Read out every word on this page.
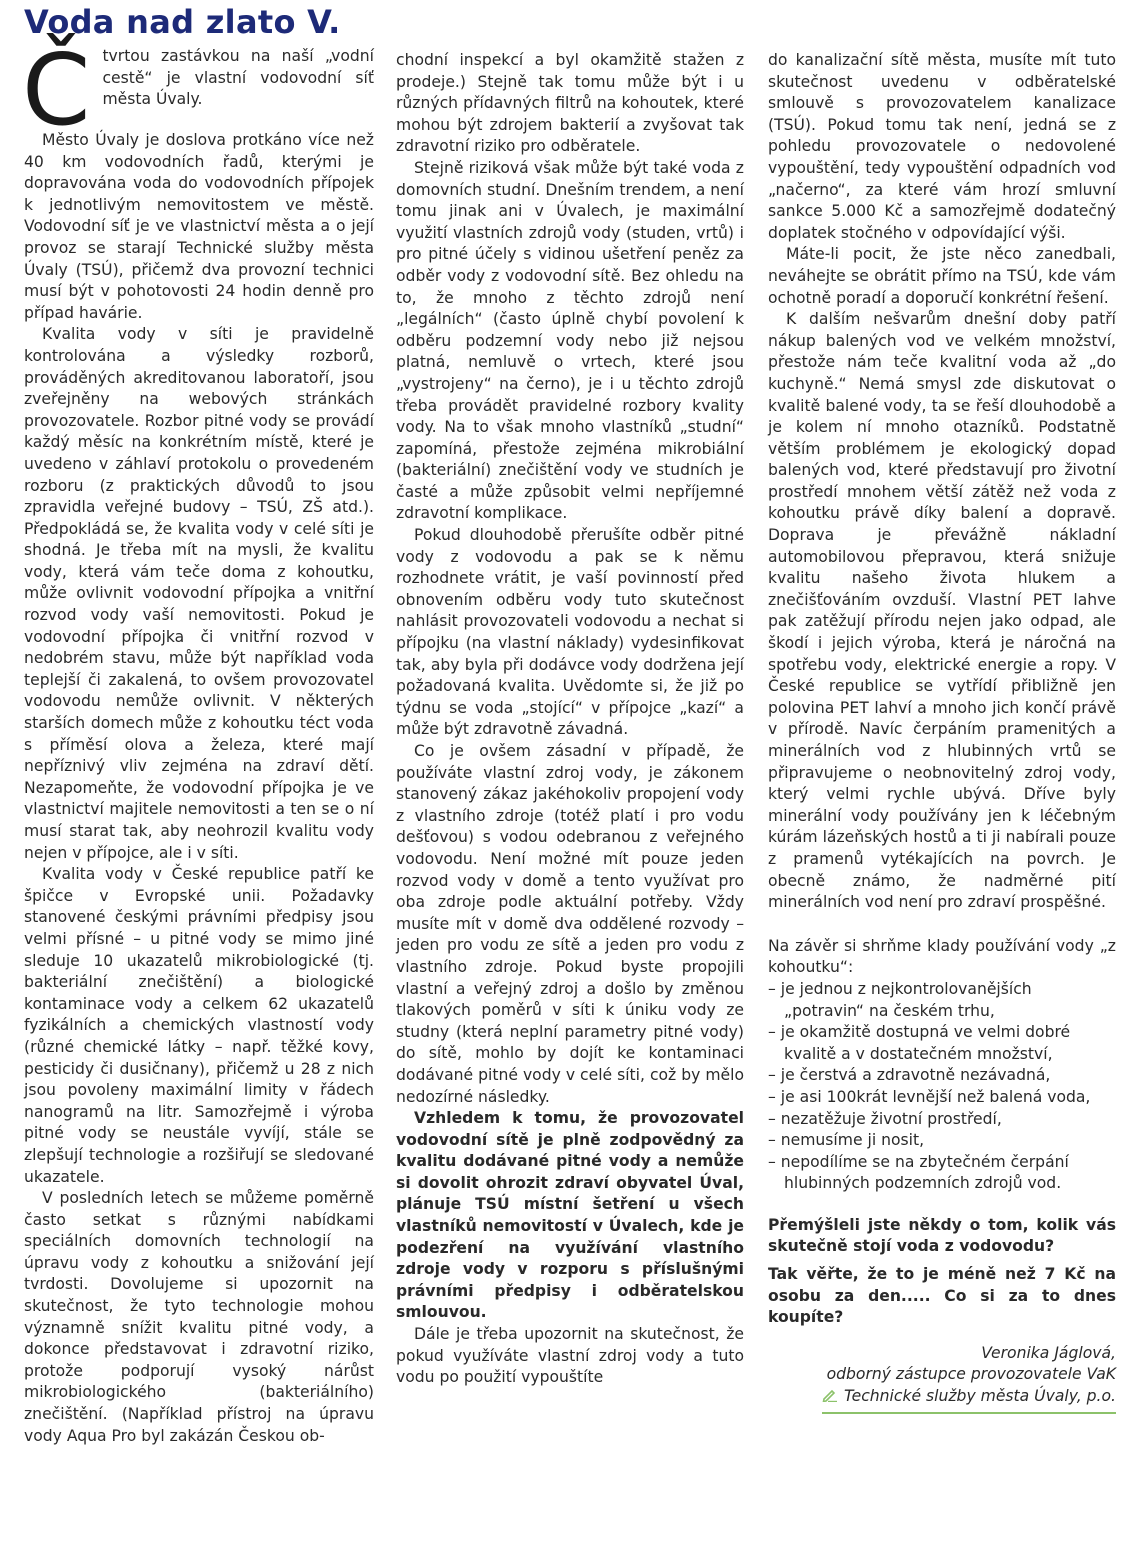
Voda nad zlato V.

Čtvrtou zastávkou na naší „vodní cestě“ je vlastní vodovodní síť města Úvaly.

Město Úvaly je doslova protkáno více než 40 km vodovodních řadů, kterými je dopravována voda do vodovodních přípojek k jednotlivým nemovitostem ve městě. Vodovodní síť je ve vlastnictví města a o její provoz se starají Technické služby města Úvaly (TSÚ), přičemž dva provozní technici musí být v pohotovosti 24 hodin denně pro případ havárie.

Kvalita vody v síti je pravidelně kontrolována a výsledky rozborů, prováděných akreditovanou laboratoří, jsou zveřejněny na webových stránkách provozovatele. Rozbor pitné vody se provádí každý měsíc na konkrétním místě, které je uvedeno v záhlaví protokolu o provedeném rozboru (z praktických důvodů to jsou zpravidla veřejné budovy – TSÚ, ZŠ atd.). Předpokládá se, že kvalita vody v celé síti je shodná. Je třeba mít na mysli, že kvalitu vody, která vám teče doma z kohoutku, může ovlivnit vodovodní přípojka a vnitřní rozvod vody vaší nemovitosti. Pokud je vodovodní přípojka či vnitřní rozvod v nedobrém stavu, může být například voda teplejší či zakalená, to ovšem provozovatel vodovodu nemůže ovlivnit. V některých starších domech může z kohoutku téct voda s příměsí olova a železa, které mají nepříznivý vliv zejména na zdraví dětí. Nezapomeňte, že vodovodní přípojka je ve vlastnictví majitele nemovitosti a ten se o ní musí starat tak, aby neohrozil kvalitu vody nejen v přípojce, ale i v síti.

Kvalita vody v České republice patří ke špičce v Evropské unii. Požadavky stanovené českými právními předpisy jsou velmi přísné – u pitné vody se mimo jiné sleduje 10 ukazatelů mikrobiologické (tj. bakteriální znečištění) a biologické kontaminace vody a celkem 62 ukazatelů fyzikálních a chemických vlastností vody (různé chemické látky – např. těžké kovy, pesticidy či dusičnany), přičemž u 28 z nich jsou povoleny maximální limity v řádech nanogramů na litr. Samozřejmě i výroba pitné vody se neustále vyvíjí, stále se zlepšují technologie a rozšiřují se sledované ukazatele.

V posledních letech se můžeme poměrně často setkat s různými nabídkami speciálních domovních technologií na úpravu vody z kohoutku a snižování její tvrdosti. Dovolujeme si upozornit na skutečnost, že tyto technologie mohou významně snížit kvalitu pitné vody, a dokonce představovat i zdravotní riziko, protože podporují vysoký nárůst mikrobiologického (bakteriálního) znečištění. (Například přístroj na úpravu vody Aqua Pro byl zakázán Českou ob-

chodní inspekcí a byl okamžitě stažen z prodeje.) Stejně tak tomu může být i u různých přídavných filtrů na kohoutek, které mohou být zdrojem bakterií a zvyšovat tak zdravotní riziko pro odběratele.

Stejně riziková však může být také voda z domovních studní. Dnešním trendem, a není tomu jinak ani v Úvalech, je maximální využití vlastních zdrojů vody (studen, vrtů) i pro pitné účely s vidinou ušetření peněz za odběr vody z vodovodní sítě. Bez ohledu na to, že mnoho z těchto zdrojů není „legálních“ (často úplně chybí povolení k odběru podzemní vody nebo již nejsou platná, nemluvě o vrtech, které jsou „vystrojeny“ na černo), je i u těchto zdrojů třeba provádět pravidelné rozbory kvality vody. Na to však mnoho vlastníků „studní“ zapomíná, přestože zejména mikrobiální (bakteriální) znečištění vody ve studních je časté a může způsobit velmi nepříjemné zdravotní komplikace.

Pokud dlouhodobě přerušíte odběr pitné vody z vodovodu a pak se k němu rozhodnete vrátit, je vaší povinností před obnovením odběru vody tuto skutečnost nahlásit provozovateli vodovodu a nechat si přípojku (na vlastní náklady) vydesinfikovat tak, aby byla při dodávce vody dodržena její požadovaná kvalita. Uvědomte si, že již po týdnu se voda „stojící“ v přípojce „kazí“ a může být zdravotně závadná.

Co je ovšem zásadní v případě, že používáte vlastní zdroj vody, je zákonem stanovený zákaz jakéhokoliv propojení vody z vlastního zdroje (totéž platí i pro vodu dešťovou) s vodou odebranou z veřejného vodovodu. Není možné mít pouze jeden rozvod vody v domě a tento využívat pro oba zdroje podle aktuální potřeby. Vždy musíte mít v domě dva oddělené rozvody – jeden pro vodu ze sítě a jeden pro vodu z vlastního zdroje. Pokud byste propojili vlastní a veřejný zdroj a došlo by změnou tlakových poměrů v síti k úniku vody ze studny (která neplní parametry pitné vody) do sítě, mohlo by dojít ke kontaminaci dodávané pitné vody v celé síti, což by mělo nedozírné následky.

Vzhledem k tomu, že provozovatel vodovodní sítě je plně zodpovědný za kvalitu dodávané pitné vody a nemůže si dovolit ohrozit zdraví obyvatel Úval, plánuje TSÚ místní šetření u všech vlastníků nemovitostí v Úvalech, kde je podezření na využívání vlastního zdroje vody v rozporu s příslušnými právními předpisy i odběratelskou smlouvou.

Dále je třeba upozornit na skutečnost, že pokud využíváte vlastní zdroj vody a tuto vodu po použití vypouštíte

do kanalizační sítě města, musíte mít tuto skutečnost uvedenu v odběratelské smlouvě s provozovatelem kanalizace (TSÚ). Pokud tomu tak není, jedná se z pohledu provozovatele o nedovolené vypouštění, tedy vypouštění odpadních vod „načerno“, za které vám hrozí smluvní sankce 5.000 Kč a samozřejmě dodatečný doplatek stočného v odpovídající výši.

Máte-li pocit, že jste něco zanedbali, neváhejte se obrátit přímo na TSÚ, kde vám ochotně poradí a doporučí konkrétní řešení.

K dalším nešvarům dnešní doby patří nákup balených vod ve velkém množství, přestože nám teče kvalitní voda až „do kuchyně.“ Nemá smysl zde diskutovat o kvalitě balené vody, ta se řeší dlouhodobě a je kolem ní mnoho otazníků. Podstatně větším problémem je ekologický dopad balených vod, které představují pro životní prostředí mnohem větší zátěž než voda z kohoutku právě díky balení a dopravě. Doprava je převážně nákladní automobilovou přepravou, která snižuje kvalitu našeho života hlukem a znečišťováním ovzduší. Vlastní PET lahve pak zatěžují přírodu nejen jako odpad, ale škodí i jejich výroba, která je náročná na spotřebu vody, elektrické energie a ropy. V České republice se vytřídí přibližně jen polovina PET lahví a mnoho jich končí právě v přírodě. Navíc čerpáním pramenitých a minerálních vod z hlubinných vrtů se připravujeme o neobnovitelný zdroj vody, který velmi rychle ubývá. Dříve byly minerální vody používány jen k léčebným kúrám lázeňských hostů a ti ji nabírali pouze z pramenů vytékajících na povrch. Je obecně známo, že nadměrné pití minerálních vod není pro zdraví prospěšné.

Na závěr si shrňme klady používání vody „z kohoutku“:

– je jednou z nejkontrolovanějších „potravin“ na českém trhu,
– je okamžitě dostupná ve velmi dobré kvalitě a v dostatečném množství,
– je čerstvá a zdravotně nezávadná,
– je asi 100krát levnější než balená voda,
– nezatěžuje životní prostředí,
– nemusíme ji nosit,
– nepodílíme se na zbytečném čerpání hlubinných podzemních zdrojů vod.

Přemýšleli jste někdy o tom, kolik vás skutečně stojí voda z vodovodu?

Tak věřte, že to je méně než 7 Kč na osobu za den..... Co si za to dnes koupíte?

Veronika Jáglová,
odborný zástupce provozovatele VaK
Technické služby města Úvaly, p.o.
